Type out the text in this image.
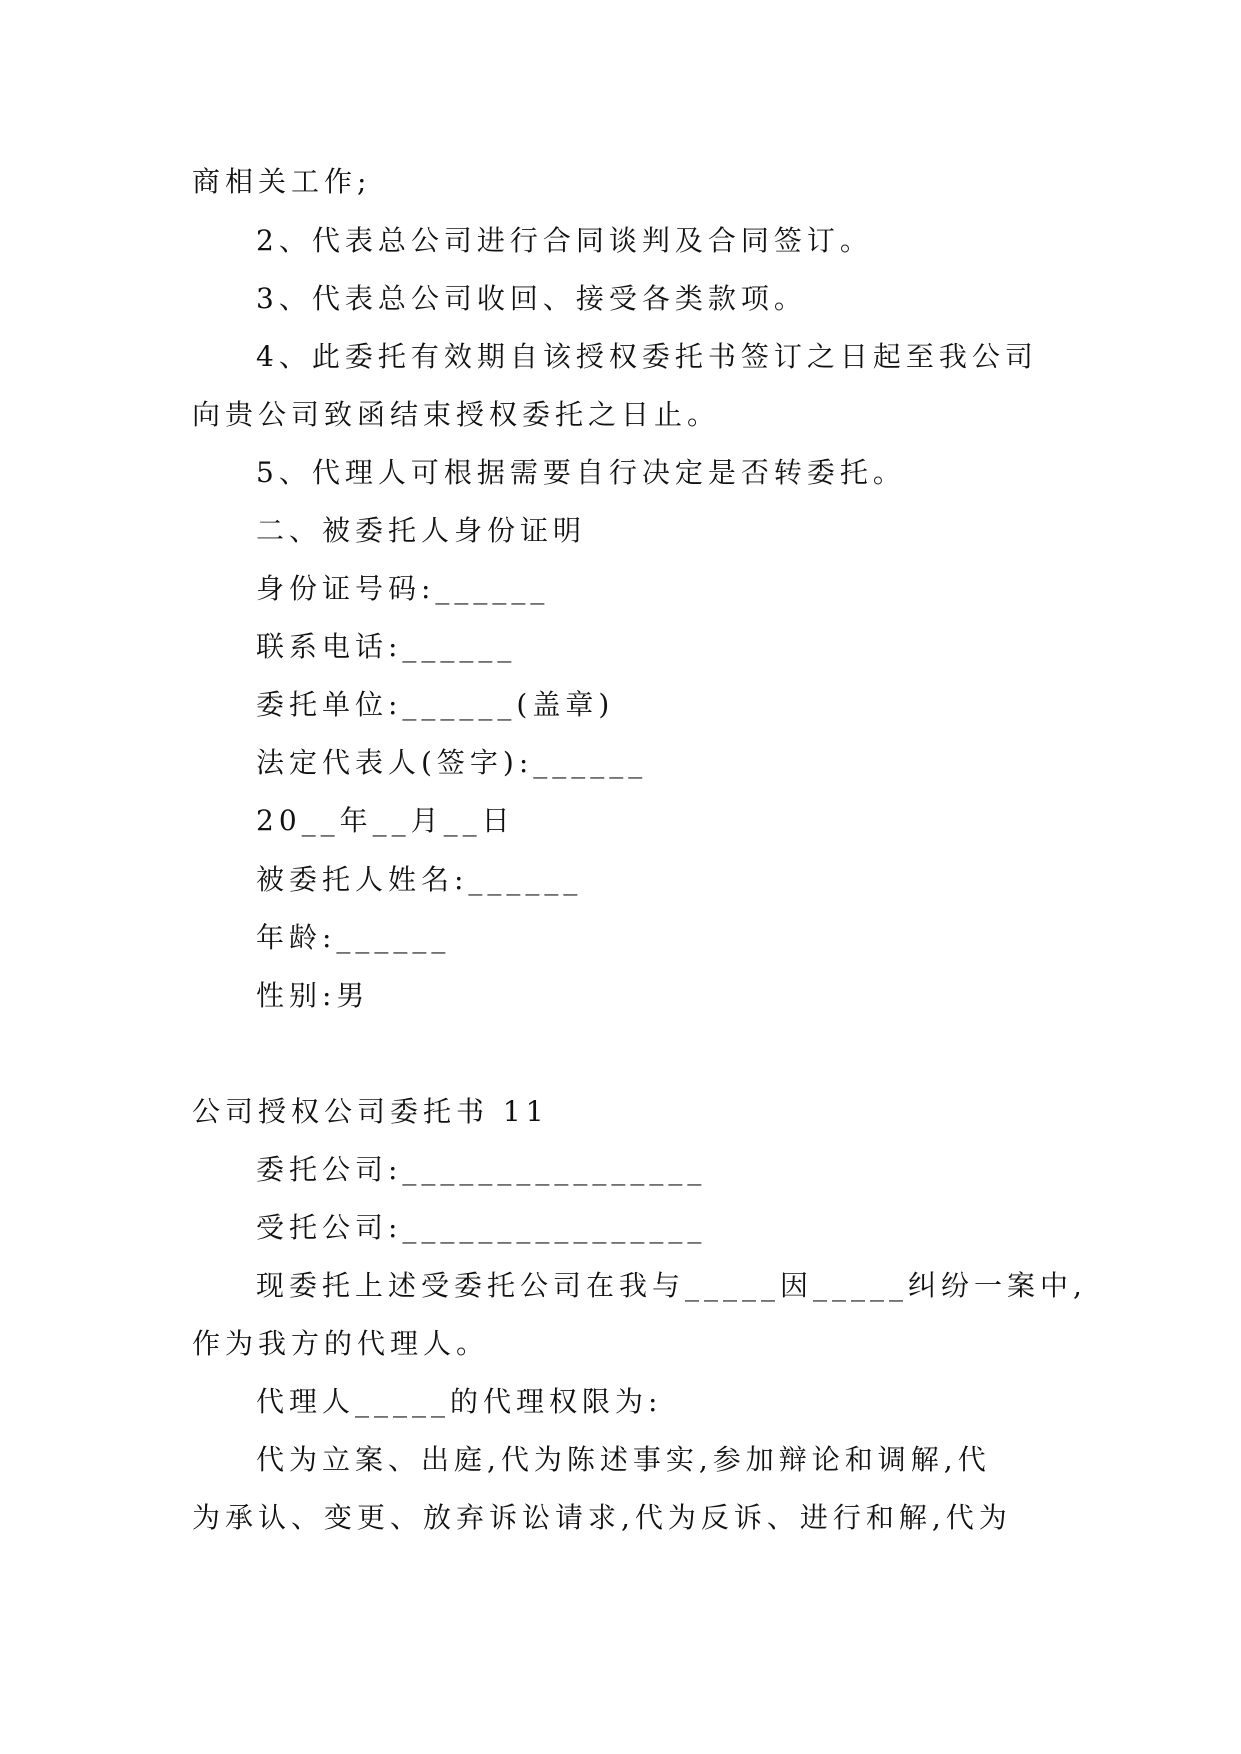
商相关工作;
2、代表总公司进行合同谈判及合同签订。
3、代表总公司收回、接受各类款项。
4、此委托有效期自该授权委托书签订之日起至我公司
向贵公司致函结束授权委托之日止。
5、代理人可根据需要自行决定是否转委托。
二、被委托人身份证明
身份证号码:______
联系电话:______
委托单位:______(盖章)
法定代表人(签字):______
20__年__月__日
被委托人姓名:______
年龄:______
性别:男
公司授权公司委托书 11
委托公司:________________
受托公司:________________
现委托上述受委托公司在我与_____因_____纠纷一案中,
作为我方的代理人。
代理人_____的代理权限为:
代为立案、出庭,代为陈述事实,参加辩论和调解,代
为承认、变更、放弃诉讼请求,代为反诉、进行和解,代为
